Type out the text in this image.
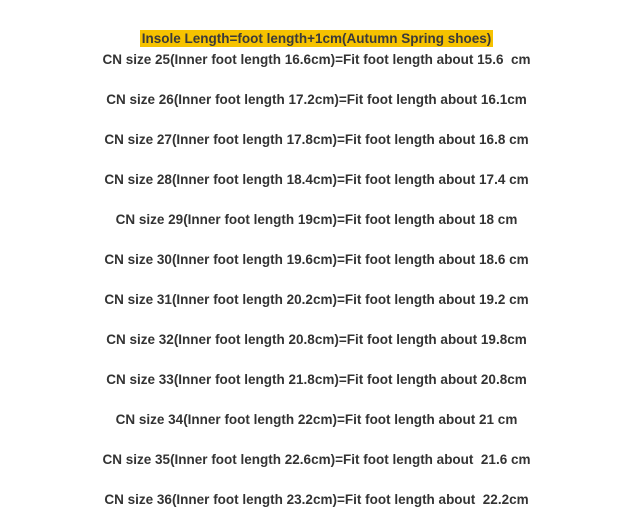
Insole Length=foot length+1cm(Autumn Spring shoes)
CN size 25(Inner foot length 16.6cm)=Fit foot length about 15.6  cm
CN size 26(Inner foot length 17.2cm)=Fit foot length about 16.1cm
CN size 27(Inner foot length 17.8cm)=Fit foot length about 16.8 cm
CN size 28(Inner foot length 18.4cm)=Fit foot length about 17.4 cm
CN size 29(Inner foot length 19cm)=Fit foot length about 18 cm
CN size 30(Inner foot length 19.6cm)=Fit foot length about 18.6 cm
CN size 31(Inner foot length 20.2cm)=Fit foot length about 19.2 cm
CN size 32(Inner foot length 20.8cm)=Fit foot length about 19.8cm
CN size 33(Inner foot length 21.8cm)=Fit foot length about 20.8cm
CN size 34(Inner foot length 22cm)=Fit foot length about 21 cm
CN size 35(Inner foot length 22.6cm)=Fit foot length about  21.6 cm
CN size 36(Inner foot length 23.2cm)=Fit foot length about  22.2cm
